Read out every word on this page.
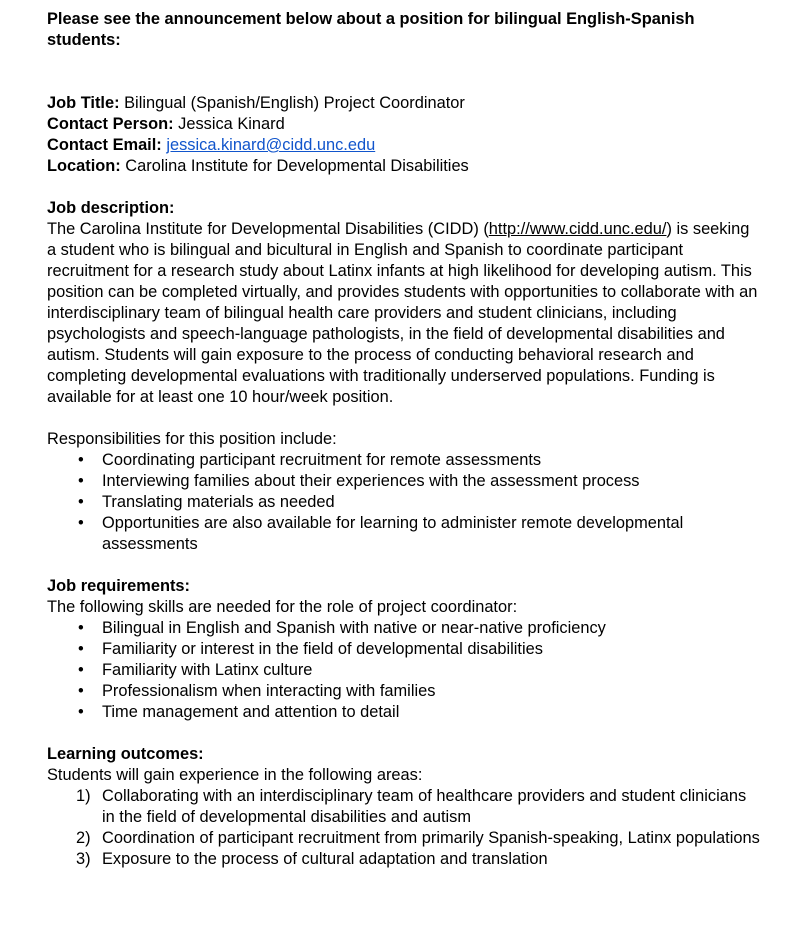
Please see the announcement below about a position for bilingual English-Spanish students:

Job Title: Bilingual (Spanish/English) Project Coordinator

Contact Person: Jessica Kinard

Contact Email: jessica.kinard@cidd.unc.edu

Location: Carolina Institute for Developmental Disabilities

Job description:

The Carolina Institute for Developmental Disabilities (CIDD) (http://www.cidd.unc.edu/) is seeking a student who is bilingual and bicultural in English and Spanish to coordinate participant recruitment for a research study about Latinx infants at high likelihood for developing autism. This position can be completed virtually, and provides students with opportunities to collaborate with an interdisciplinary team of bilingual health care providers and student clinicians, including psychologists and speech-language pathologists, in the field of developmental disabilities and autism. Students will gain exposure to the process of conducting behavioral research and completing developmental evaluations with traditionally underserved populations. Funding is available for at least one 10 hour/week position.

Responsibilities for this position include:

• Coordinating participant recruitment for remote assessments
• Interviewing families about their experiences with the assessment process
• Translating materials as needed
• Opportunities are also available for learning to administer remote developmental assessments

Job requirements:

The following skills are needed for the role of project coordinator:

• Bilingual in English and Spanish with native or near-native proficiency
• Familiarity or interest in the field of developmental disabilities
• Familiarity with Latinx culture
• Professionalism when interacting with families
• Time management and attention to detail

Learning outcomes:

Students will gain experience in the following areas:

1) Collaborating with an interdisciplinary team of healthcare providers and student clinicians in the field of developmental disabilities and autism
2) Coordination of participant recruitment from primarily Spanish-speaking, Latinx populations
3) Exposure to the process of cultural adaptation and translation
